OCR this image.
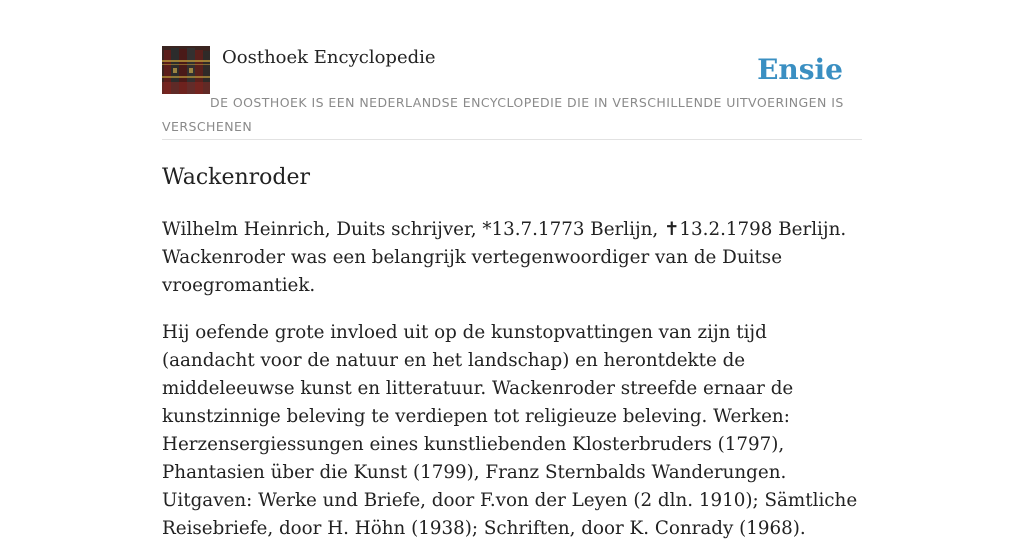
Oosthoek Encyclopedie	Ensie
DE OOSTHOEK IS EEN NEDERLANDSE ENCYCLOPEDIE DIE IN VERSCHILLENDE UITVOERINGEN IS VERSCHENEN
Wackenroder

Wilhelm Heinrich, Duits schrijver, *13.7.1773 Berlijn, ✝13.2.1798 Berlijn. Wackenroder was een belangrijk vertegenwoordiger van de Duitse vroegromantiek.

Hij oefende grote invloed uit op de kunstopvattingen van zijn tijd (aandacht voor de natuur en het landschap) en herontdekte de middeleeuwse kunst en litteratuur. Wackenroder streefde ernaar de kunstzinnige beleving te verdiepen tot religieuze beleving. Werken: Herzensergiessungen eines kunstliebenden Klosterbruders (1797), Phantasien über die Kunst (1799), Franz Sternbalds Wanderungen. Uitgaven: Werke und Briefe, door F.von der Leyen (2 dln. 1910); Sämtliche Reisebriefe, door H. Höhn (1938); Schriften, door K. Conrady (1968).
